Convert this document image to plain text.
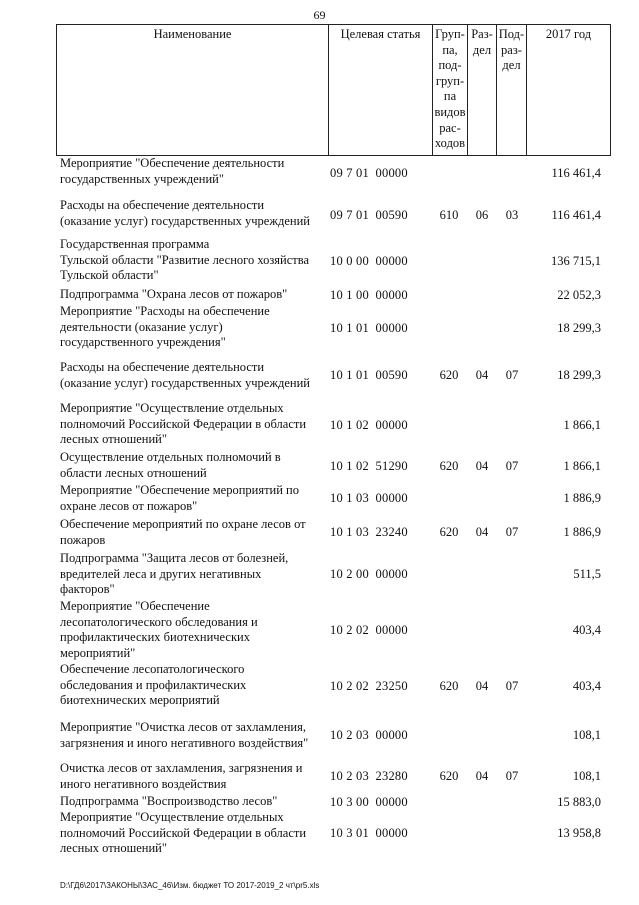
69
Наименование	Целевая статья	Груп-
па,
под-
груп-
па
видов
рас-
ходов
Раз-
дел
Под-
раз-
дел
2017 год
Мероприятие "Обеспечение деятельности
государственных учреждений"	09 7 01  00000	116 461,4
Расходы на обеспечение деятельности
(оказание услуг) государственных учреждений	09 7 01  00590	610	06	03	116 461,4
Государственная программа
Тульской области "Развитие лесного хозяйства
Тульской области"
10 0 00  00000	136 715,1
Подпрограмма "Охрана лесов от пожаров"	10 1 00  00000	22 052,3
Мероприятие "Расходы на обеспечение
деятельности (оказание услуг)
государственного учреждения"
10 1 01  00000	18 299,3
Расходы на обеспечение деятельности
(оказание услуг) государственных учреждений
10 1 01  00590	620	04	07	18 299,3
Мероприятие "Осуществление отдельных
полномочий Российской Федерации в области
лесных отношений"
10 1 02  00000	1 866,1
Осуществление отдельных полномочий в
области лесных отношений	10 1 02  51290	620	04	07	1 866,1
Мероприятие "Обеспечение мероприятий по
охране лесов от пожаров"
10 1 03  00000	1 886,9
Обеспечение мероприятий по охране лесов от
пожаров
10 1 03  23240	620	04	07	1 886,9
Подпрограмма "Защита лесов от болезней,
вредителей леса и других негативных
факторов"
10 2 00  00000	511,5
Мероприятие "Обеспечение
лесопатологического обследования и
профилактических биотехнических
мероприятий"
10 2 02  00000	403,4
Обеспечение лесопатологического
обследования и профилактических
биотехнических мероприятий
10 2 02  23250	620	04	07	403,4
Мероприятие "Очистка лесов от захламления,
загрязнения и иного негативного воздействия"
10 2 03  00000	108,1
Очистка лесов от захламления, загрязнения и
иного негативного воздействия
10 2 03  23280	620	04	07	108,1
Подпрограмма "Воспроизводство лесов"	10 3 00  00000	15 883,0
Мероприятие "Осуществление отдельных
полномочий Российской Федерации в области
лесных отношений"
10 3 01  00000	13 958,8
D:\ГД6\2017\ЗАКОНЫ\ЗАС_46\Изм. бюджет ТО 2017-2019_2 чт\pr5.xls
